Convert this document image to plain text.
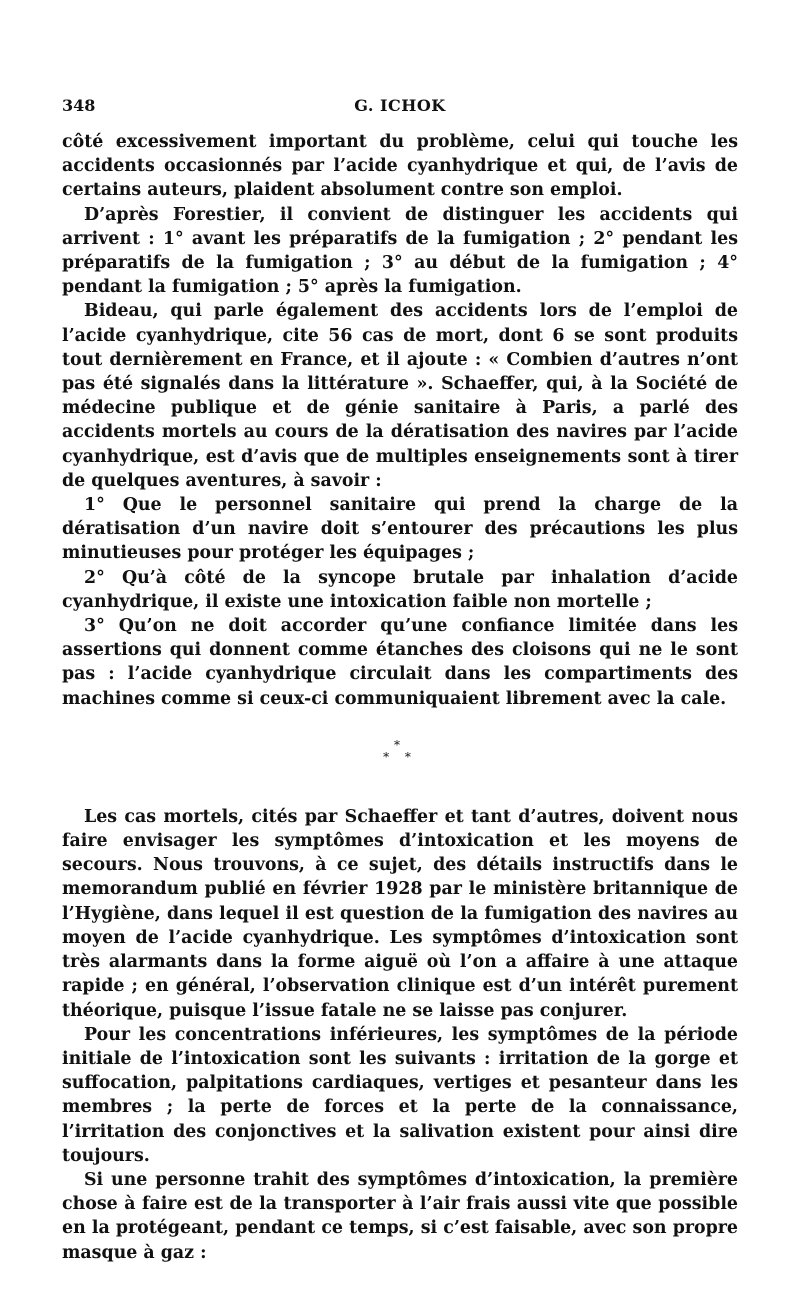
348	G. ICHOK

côté excessivement important du problème, celui qui touche les accidents occasionnés par l’acide cyanhydrique et qui, de l’avis de certains auteurs, plaident absolument contre son emploi.

D’après Forestier, il convient de distinguer les accidents qui arrivent : 1° avant les préparatifs de la fumigation ; 2° pendant les préparatifs de la fumigation ; 3° au début de la fumigation ; 4° pendant la fumigation ; 5° après la fumigation.

Bideau, qui parle également des accidents lors de l’emploi de l’acide cyanhydrique, cite 56 cas de mort, dont 6 se sont produits tout dernièrement en France, et il ajoute : « Combien d’autres n’ont pas été signalés dans la littérature ». Schaeffer, qui, à la Société de médecine publique et de génie sanitaire à Paris, a parlé des accidents mortels au cours de la dératisation des navires par l’acide cyanhydrique, est d’avis que de multiples enseignements sont à tirer de quelques aventures, à savoir :

1° Que le personnel sanitaire qui prend la charge de la dératisation d’un navire doit s’entourer des précautions les plus minutieuses pour protéger les équipages ;

2° Qu’à côté de la syncope brutale par inhalation d’acide cyanhydrique, il existe une intoxication faible non mortelle ;

3° Qu’on ne doit accorder qu’une confiance limitée dans les assertions qui donnent comme étanches des cloisons qui ne le sont pas : l’acide cyanhydrique circulait dans les compartiments des machines comme si ceux-ci communiquaient librement avec la cale.

*
* *

Les cas mortels, cités par Schaeffer et tant d’autres, doivent nous faire envisager les symptômes d’intoxication et les moyens de secours. Nous trouvons, à ce sujet, des détails instructifs dans le memorandum publié en février 1928 par le ministère britannique de l’Hygiène, dans lequel il est question de la fumigation des navires au moyen de l’acide cyanhydrique. Les symptômes d’intoxication sont très alarmants dans la forme aiguë où l’on a affaire à une attaque rapide ; en général, l’observation clinique est d’un intérêt purement théorique, puisque l’issue fatale ne se laisse pas conjurer.

Pour les concentrations inférieures, les symptômes de la période initiale de l’intoxication sont les suivants : irritation de la gorge et suffocation, palpitations cardiaques, vertiges et pesanteur dans les membres ; la perte de forces et la perte de la connaissance, l’irritation des conjonctives et la salivation existent pour ainsi dire toujours.

Si une personne trahit des symptômes d’intoxication, la première chose à faire est de la transporter à l’air frais aussi vite que possible en la protégeant, pendant ce temps, si c’est faisable, avec son propre masque à gaz :
